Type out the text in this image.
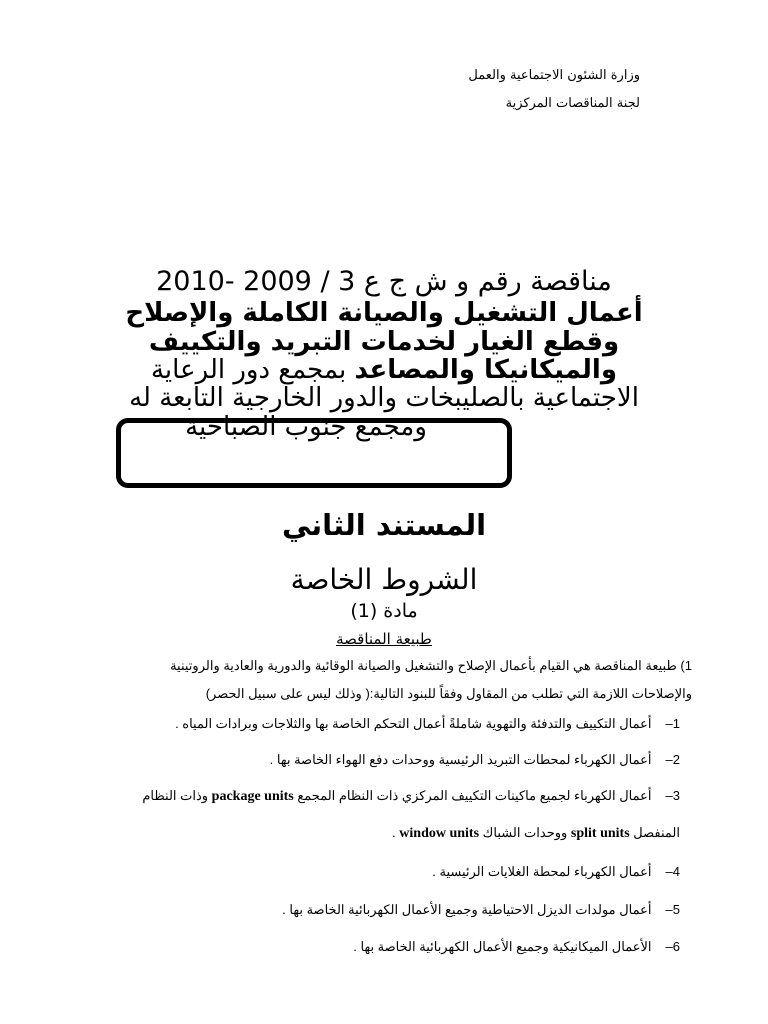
وزارة الشئون الاجتماعية والعمل
لجنة المناقصات المركزية
مناقصة رقم و ش ج ع 3 / 2009 -2010
أعمال التشغيل والصيانة الكاملة والإصلاح
وقطع الغيار لخدمات التبريد والتكييف
والميكانيكا والمصاعد بمجمع دور الرعاية
الاجتماعية بالصليبخات والدور الخارجية التابعة له
ومجمع جنوب الصباحية
المستند الثاني
الشروط الخاصة
مادة (1)
طبيعة المناقصة
1) طبيعة المناقصة هي القيام بأعمال الإصلاح والتشغيل والصيانة الوقائية والدورية والعادية والروتينية
والإصلاحات اللازمة التي تطلب من المقاول وفقاً للبنود التالية:( وذلك ليس على سبيل الحصر)
1–أعمال التكييف والتدفئة والتهوية شاملةً أعمال التحكم الخاصة بها والثلاجات وبرادات المياه .
2–أعمال الكهرباء لمحطات التبريد الرئيسية ووحدات دفع الهواء الخاصة بها .
3–أعمال الكهرباء لجميع ماكينات التكييف المركزي ذات النظام المجمع package units وذات النظام
المنفصل split units ووحدات الشباك window units .
4–أعمال الكهرباء لمحطة الغلايات الرئيسية .
5–أعمال مولدات الديزل الاحتياطية وجميع الأعمال الكهربائية الخاصة بها .
6–الأعمال الميكانيكية وجميع الأعمال الكهربائية الخاصة بها .
